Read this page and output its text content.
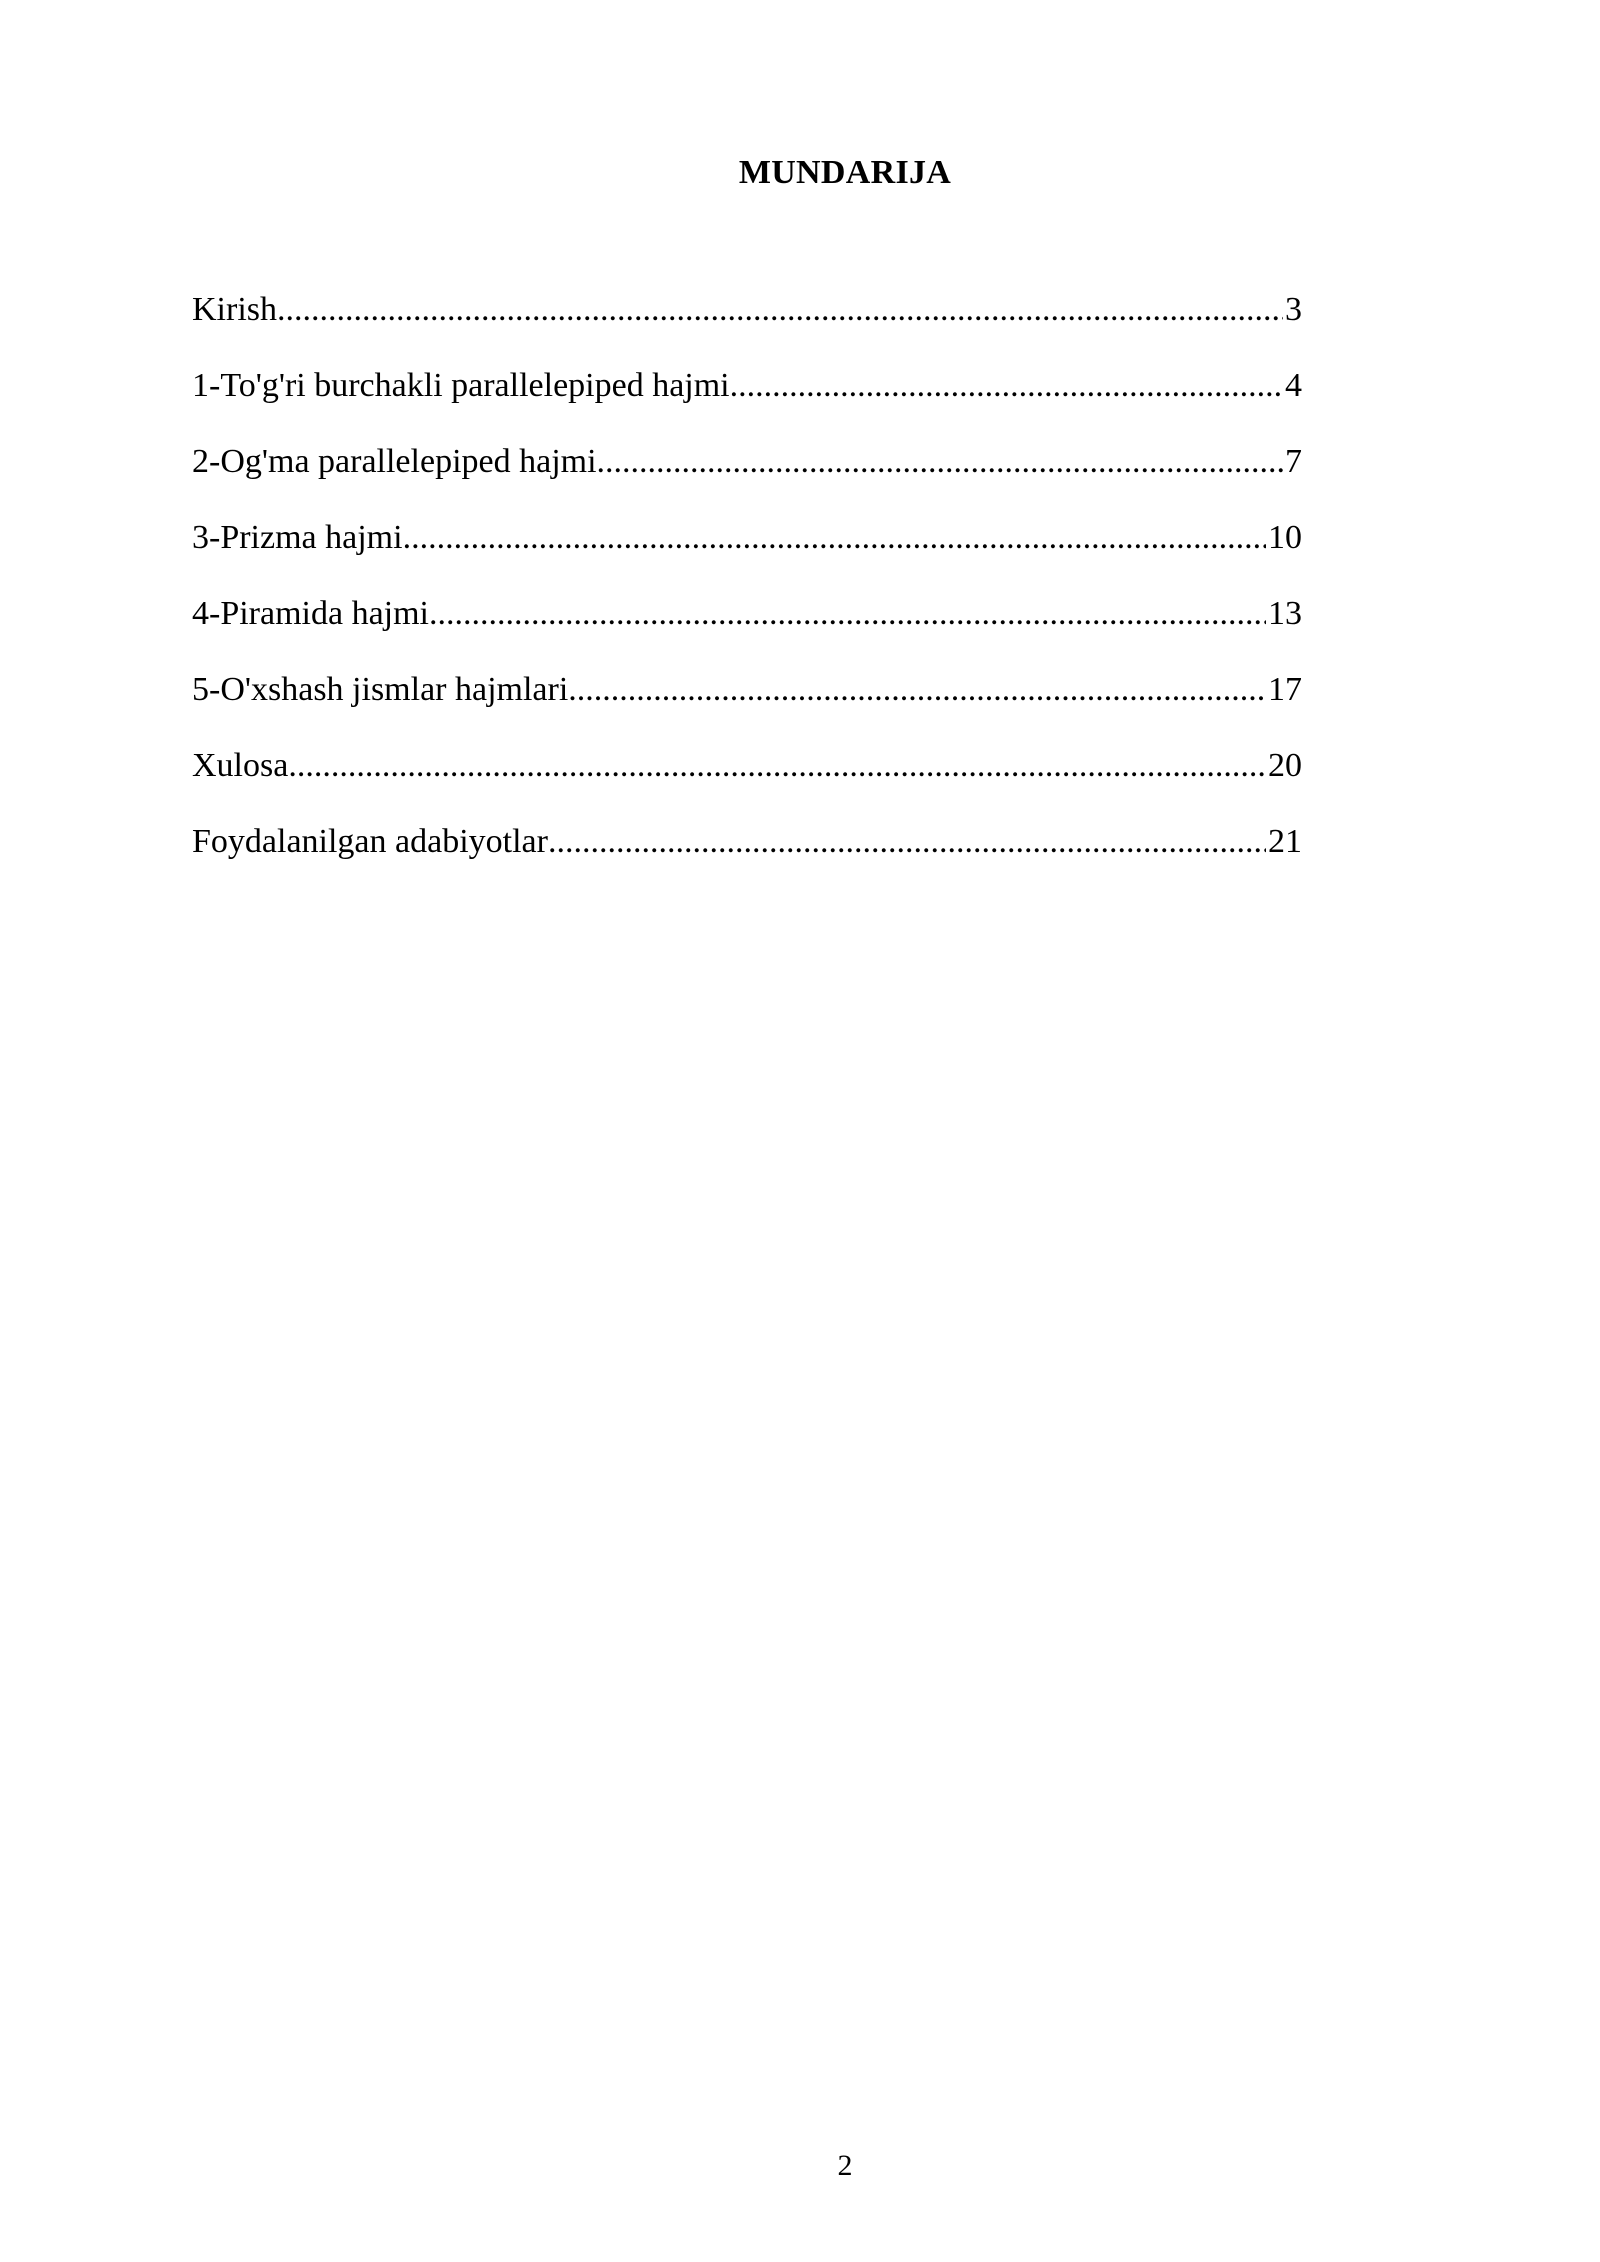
MUNDARIJA
Kirish .....	3
1-To'g'ri burchakli parallelepiped hajmi .....	4
2-Og'ma parallelepiped hajmi .....	7
3-Prizma hajmi .....	10
4-Piramida hajmi .....	13
5-O'xshash jismlar hajmlari .....	17
Xulosa .....	20
Foydalanilgan adabiyotlar .....	21
2
